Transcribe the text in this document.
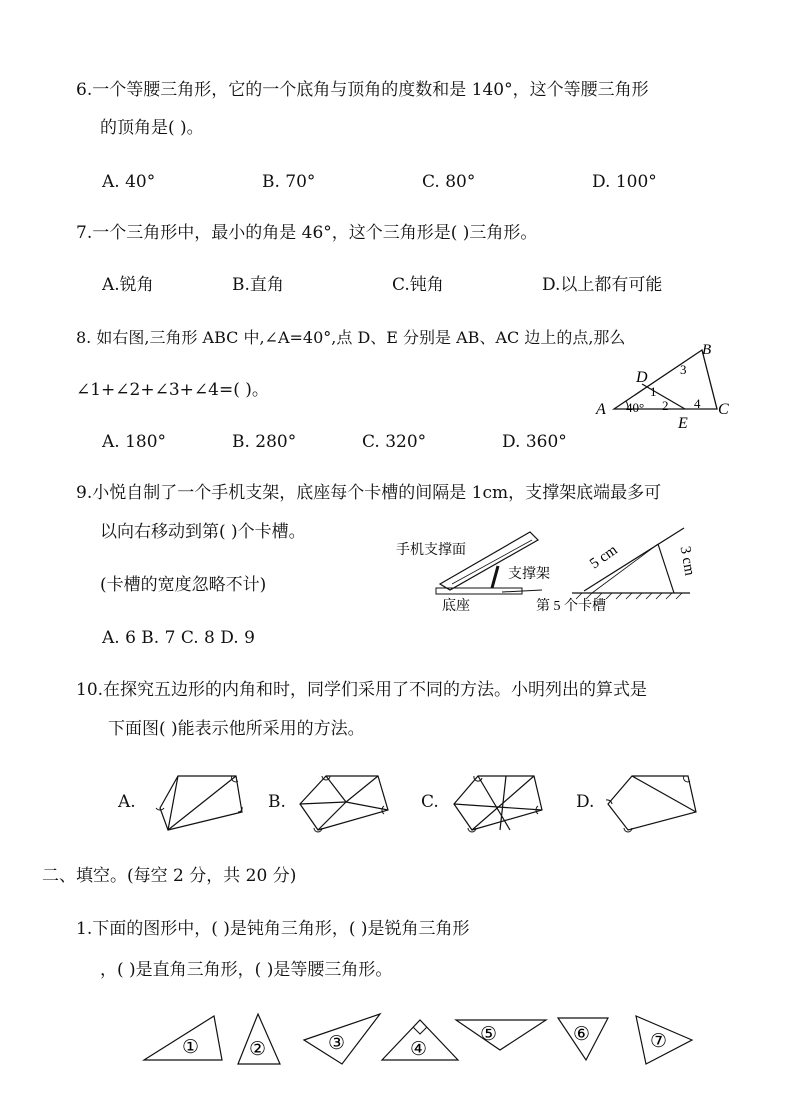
6.一个等腰三角形，它的一个底角与顶角的度数和是 140°，这个等腰三角形
的顶角是( )。
A. 40°	B. 70°	C. 80°	D. 100°
7.一个三角形中，最小的角是 46°，这个三角形是( )三角形。
A.锐角	B.直角	C.钝角	D.以上都有可能
8. 如右图,三角形 ABC 中,∠A=40°,点 D、E 分别是 AB、AC 边上的点,那么
∠1+∠2+∠3+∠4=( )。
A. 180°	B. 280°	C. 320°	D. 360°
A
B
C
D
E
40°
1
2
3
4
9.小悦自制了一个手机支架，底座每个卡槽的间隔是 1cm，支撑架底端最多可
以向右移动到第( )个卡槽。
(卡槽的宽度忽略不计)
A. 6 B. 7 C. 8 D. 9
手机支撑面
支撑架
底座	第 5 个卡槽
5 cm	3 cm
10.在探究五边形的内角和时，同学们采用了不同的方法。小明列出的算式是
下面图( )能表示他所采用的方法。
A.	B.	C.	D.
二、填空。(每空 2 分，共 20 分)
1.下面的图形中，( )是钝角三角形，( )是锐角三角形
，( )是直角三角形，( )是等腰三角形。
①	②	③	④
⑤	⑥	⑦
